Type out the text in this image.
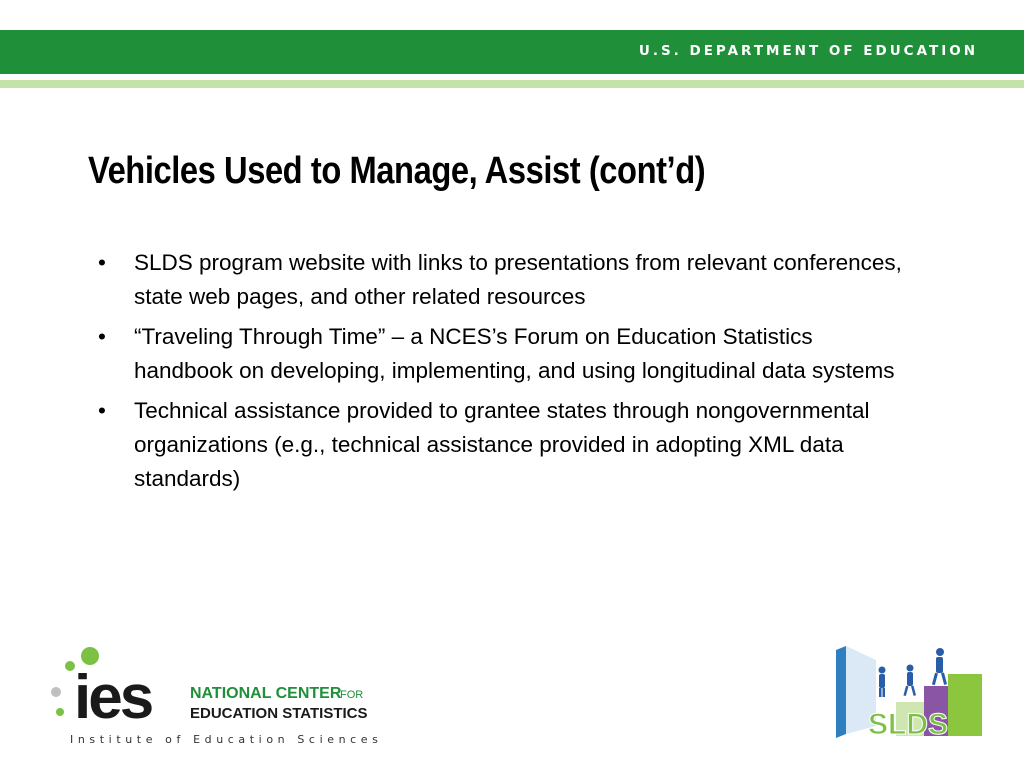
U.S. DEPARTMENT OF EDUCATION
Vehicles Used to Manage, Assist (cont’d)
• SLDS program website with links to presentations from relevant conferences, state web pages, and other related resources
• “Traveling Through Time” – a NCES’s Forum on Education Statistics handbook on developing, implementing, and using longitudinal data systems
• Technical assistance provided to grantee states through nongovernmental organizations (e.g., technical assistance provided in adopting XML data standards)
ies NATIONAL CENTER
FOR
EDUCATION STATISTICS
Institute of Education Sciences	SLDS
